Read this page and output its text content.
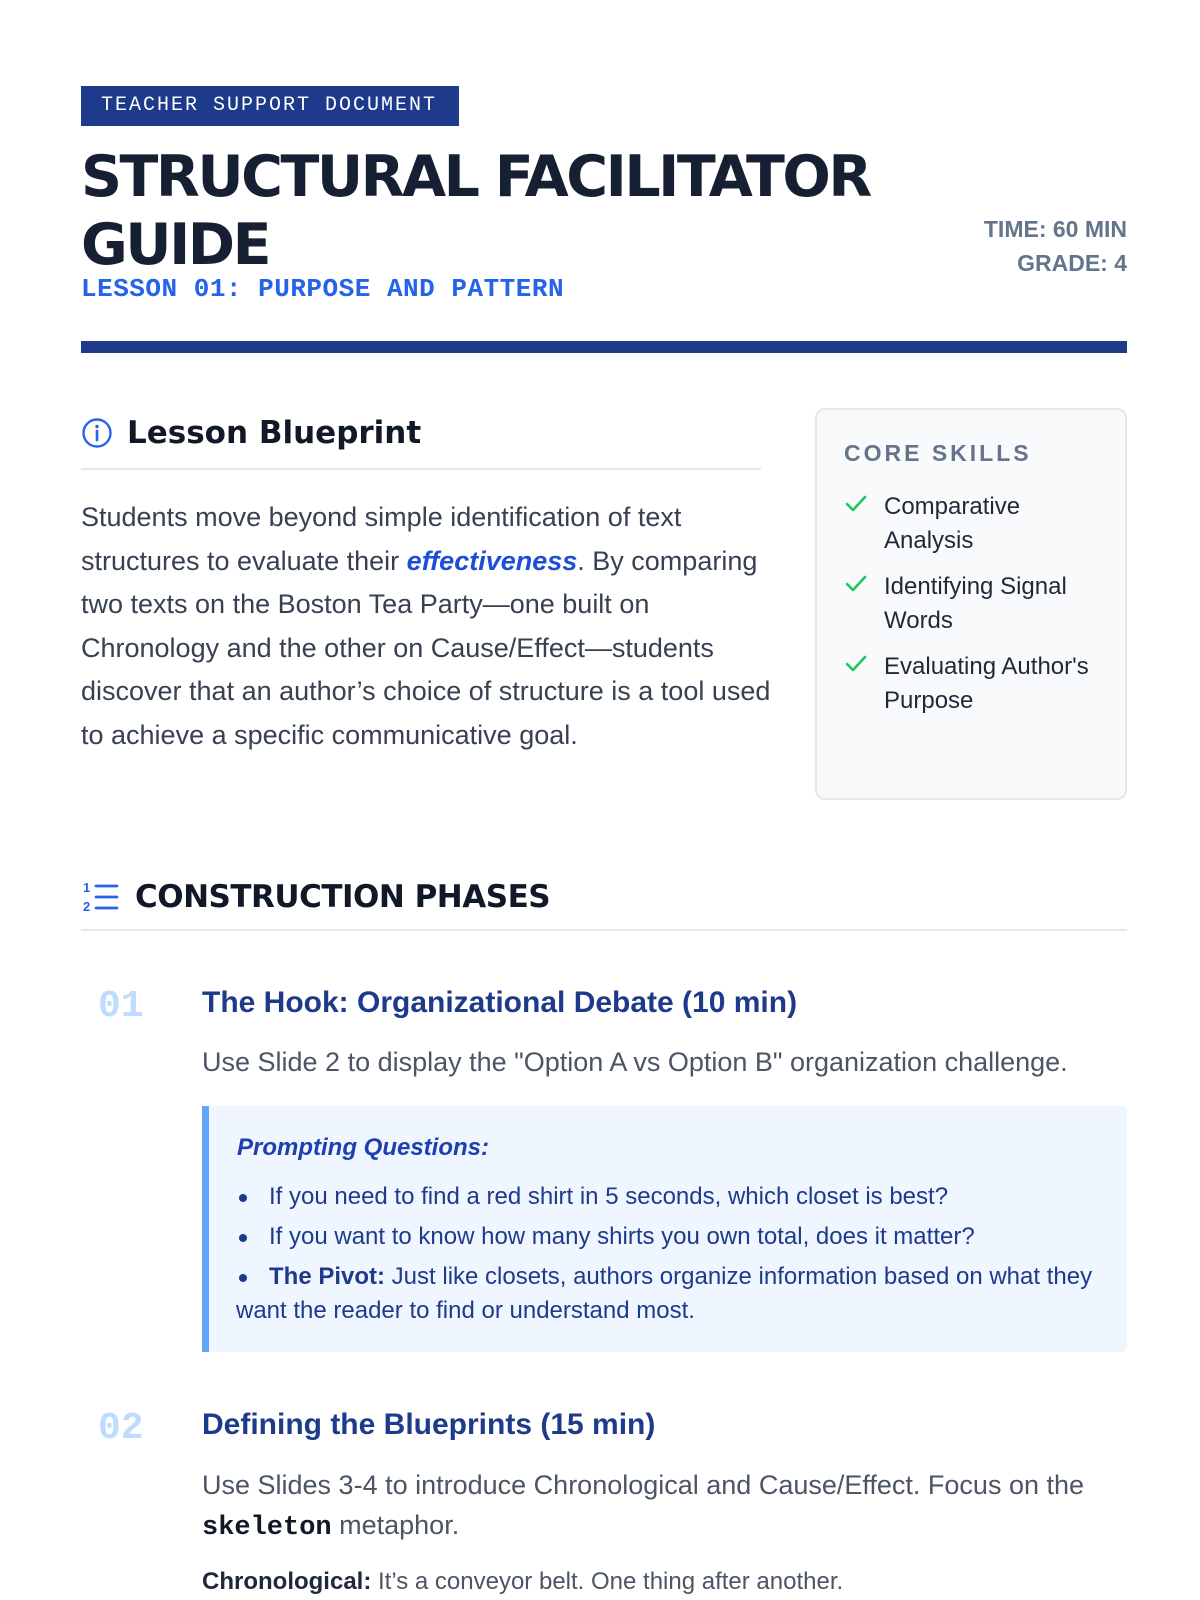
TEACHER SUPPORT DOCUMENT
STRUCTURAL FACILITATOR GUIDE
LESSON 01: PURPOSE AND PATTERN
TIME: 60 MIN
GRADE: 4
Lesson Blueprint

Students move beyond simple identification of text structures to evaluate their effectiveness. By comparing two texts on the Boston Tea Party—one built on Chronology and the other on Cause/Effect—students discover that an author’s choice of structure is a tool used to achieve a specific communicative goal.

CORE SKILLS
Comparative Analysis
Identifying Signal Words
Evaluating Author's Purpose
1
2 CONSTRUCTION PHASES
01 The Hook: Organizational Debate (10 min)

Use Slide 2 to display the "Option A vs Option B" organization challenge.

Prompting Questions:
If you need to find a red shirt in 5 seconds, which closet is best?
If you want to know how many shirts you own total, does it matter?
The Pivot: Just like closets, authors organize information based on what they want the reader to find or understand most.
02 Defining the Blueprints (15 min)

Use Slides 3-4 to introduce Chronological and Cause/Effect. Focus on the skeleton metaphor.

Chronological: It’s a conveyor belt. One thing after another.
